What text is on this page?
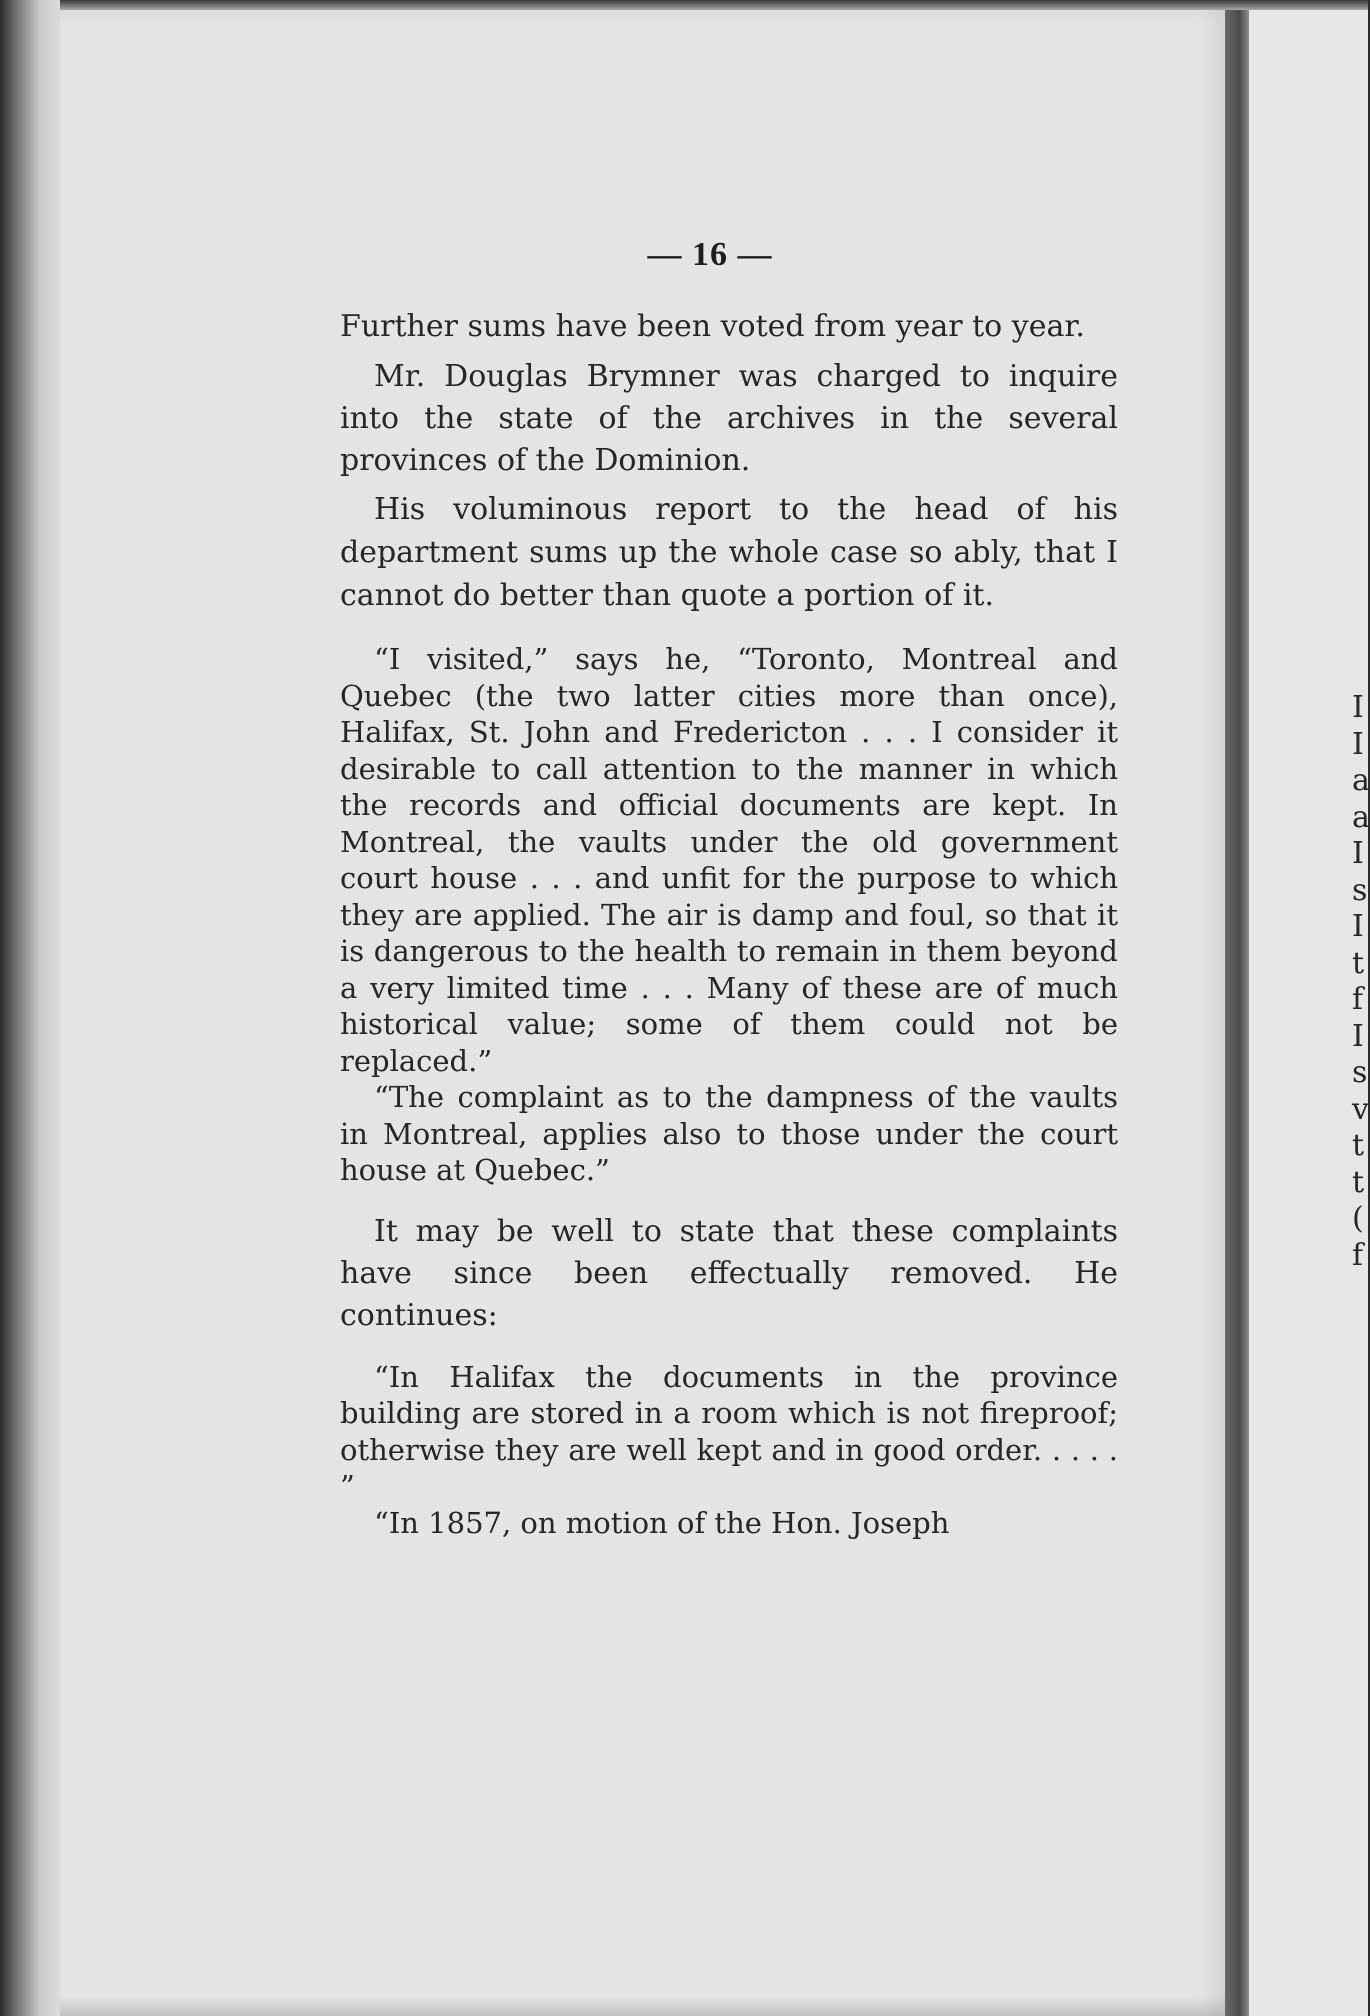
— 16 —

Further sums have been voted from year to year.

Mr. Douglas Brymner was charged to inquire into the state of the archives in the several provinces of the Dominion.

His voluminous report to the head of his department sums up the whole case so ably, that I cannot do better than quote a portion of it.

“I visited,” says he, “Toronto, Montreal and Quebec (the two latter cities more than once), Halifax, St. John and Fredericton . . . I consider it desirable to call attention to the manner in which the records and official documents are kept. In Montreal, the vaults under the old government court house . . . and unfit for the purpose to which they are applied. The air is damp and foul, so that it is dangerous to the health to remain in them beyond a very limited time . . . Many of these are of much historical value; some of them could not be replaced.”

“The complaint as to the dampness of the vaults in Montreal, applies also to those under the court house at Quebec.”

It may be well to state that these complaints have since been effectually removed. He continues:

“In Halifax the documents in the province building are stored in a room which is not fireproof; otherwise they are well kept and in good order. . . . . ”

“In 1857, on motion of the Hon. Joseph

I
I
a
a
I
s
I
t
f
I
s
v
t
t
(
f
